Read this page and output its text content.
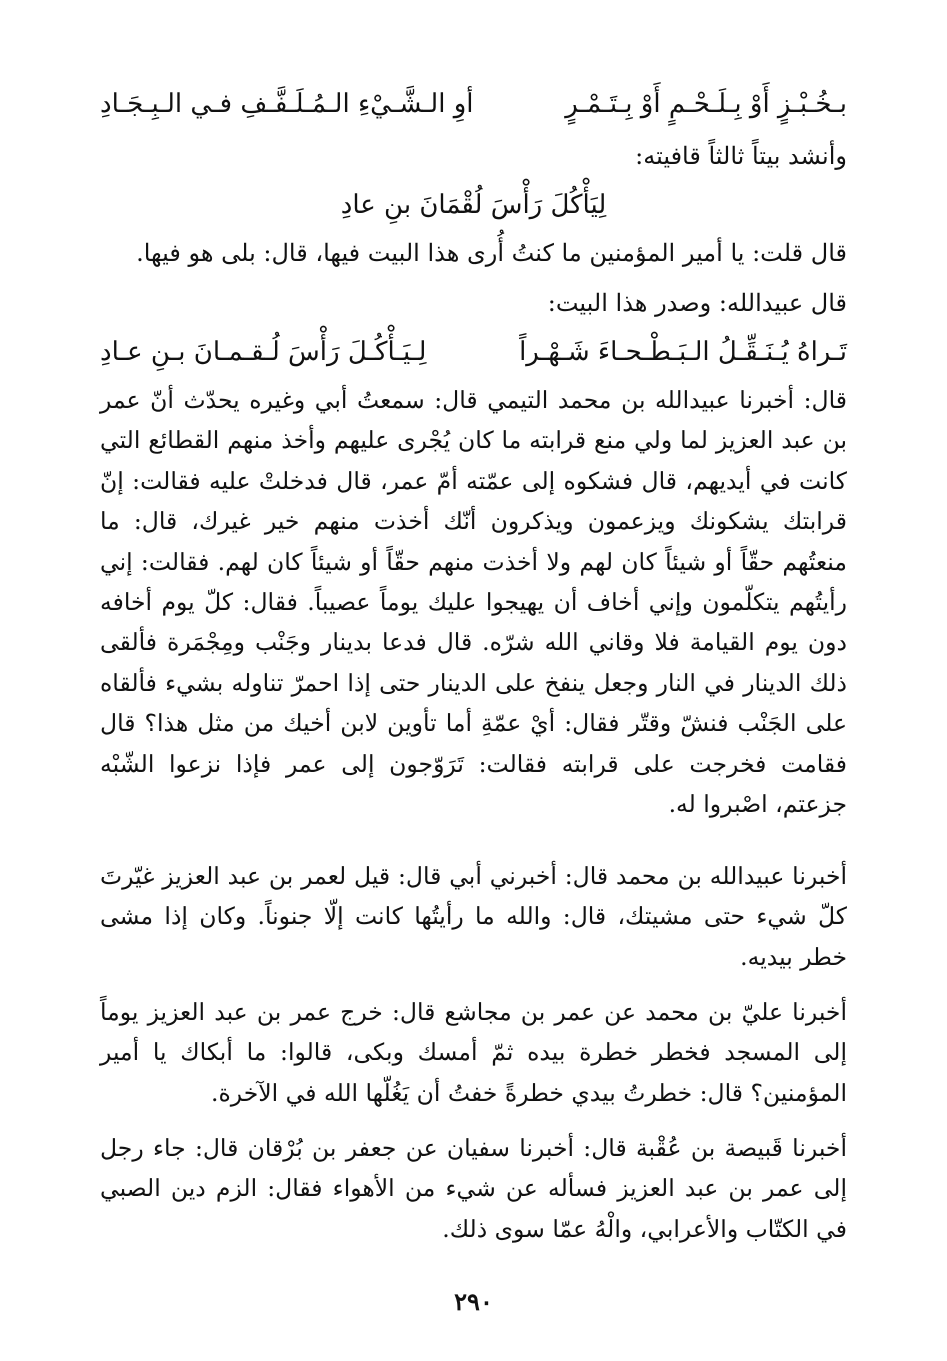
بـخُـبْـزٍ أَوْ بِـلَـحْـمٍ أَوْ بِـتَـمْـرٍ
أوِ الـشَّـيْءِ الـمُـلَـفَّـفِ فـي الـبِـجَـادِ
وأنشد بيتاً ثالثاً قافيته:
لِيَأْكُلَ رَأْسَ لُقْمَانَ بنِ عادِ
قال قلت: يا أمير المؤمنين ما كنتُ أُرى هذا البيت فيها، قال: بلى هو فيها.
قال عبيدالله: وصدر هذا البيت:
تَـراهُ يُـنَـقِّـلُ الـبَـطْـحـاءَ شَـهْـراً
لِـيَـأْكُـلَ رَأْسَ لُـقـمـانَ بـنِ عـادِ

قال: أخبرنا عبيدالله بن محمد التيمي قال: سمعتُ أبي وغيره يحدّث أنّ عمر بن عبد العزيز لما ولي منع قرابته ما كان يُجْرى عليهم وأخذ منهم القطائع التي كانت في أيديهم، قال فشكوه إلى عمّته أمّ عمر، قال فدخلتْ عليه فقالت: إنّ قرابتك يشكونك ويزعمون ويذكرون أنّك أخذت منهم خير غيرك، قال: ما منعتُهم حقّاً أو شيئاً كان لهم ولا أخذت منهم حقّاً أو شيئاً كان لهم. فقالت: إني رأيتُهم يتكلّمون وإني أخاف أن يهيجوا عليك يوماً عصيباً. فقال: كلّ يوم أخافه دون يوم القيامة فلا وقاني الله شرّه. قال فدعا بدينار وجَنْب ومِجْمَرة فألقى ذلك الدينار في النار وجعل ينفخ على الدينار حتى إذا احمرّ تناوله بشيء فألقاه على الجَنْب فنشّ وقتّر فقال: أيْ عمّةِ أما تأوين لابن أخيك من مثل هذا؟ قال فقامت فخرجت على قرابته فقالت: تَرَوّجون إلى عمر فإذا نزعوا الشّبْه جزعتم، اصْبروا له.

أخبرنا عبيدالله بن محمد قال: أخبرني أبي قال: قيل لعمر بن عبد العزيز غيّرتَ كلّ شيء حتى مشيتك، قال: والله ما رأيتُها كانت إلّا جنوناً. وكان إذا مشى خطر بيديه.

أخبرنا عليّ بن محمد عن عمر بن مجاشع قال: خرج عمر بن عبد العزيز يوماً إلى المسجد فخطر خطرة بيده ثمّ أمسك وبكى، قالوا: ما أبكاك يا أمير المؤمنين؟ قال: خطرتُ بيدي خطرةً خفتُ أن يَغُلّها الله في الآخرة.

أخبرنا قَبيصة بن عُقْبة قال: أخبرنا سفيان عن جعفر بن بُرْقان قال: جاء رجل إلى عمر بن عبد العزيز فسأله عن شيء من الأهواء فقال: الزم دين الصبي في الكتّاب والأعرابي، والْهُ عمّا سوى ذلك.

٢٩٠
